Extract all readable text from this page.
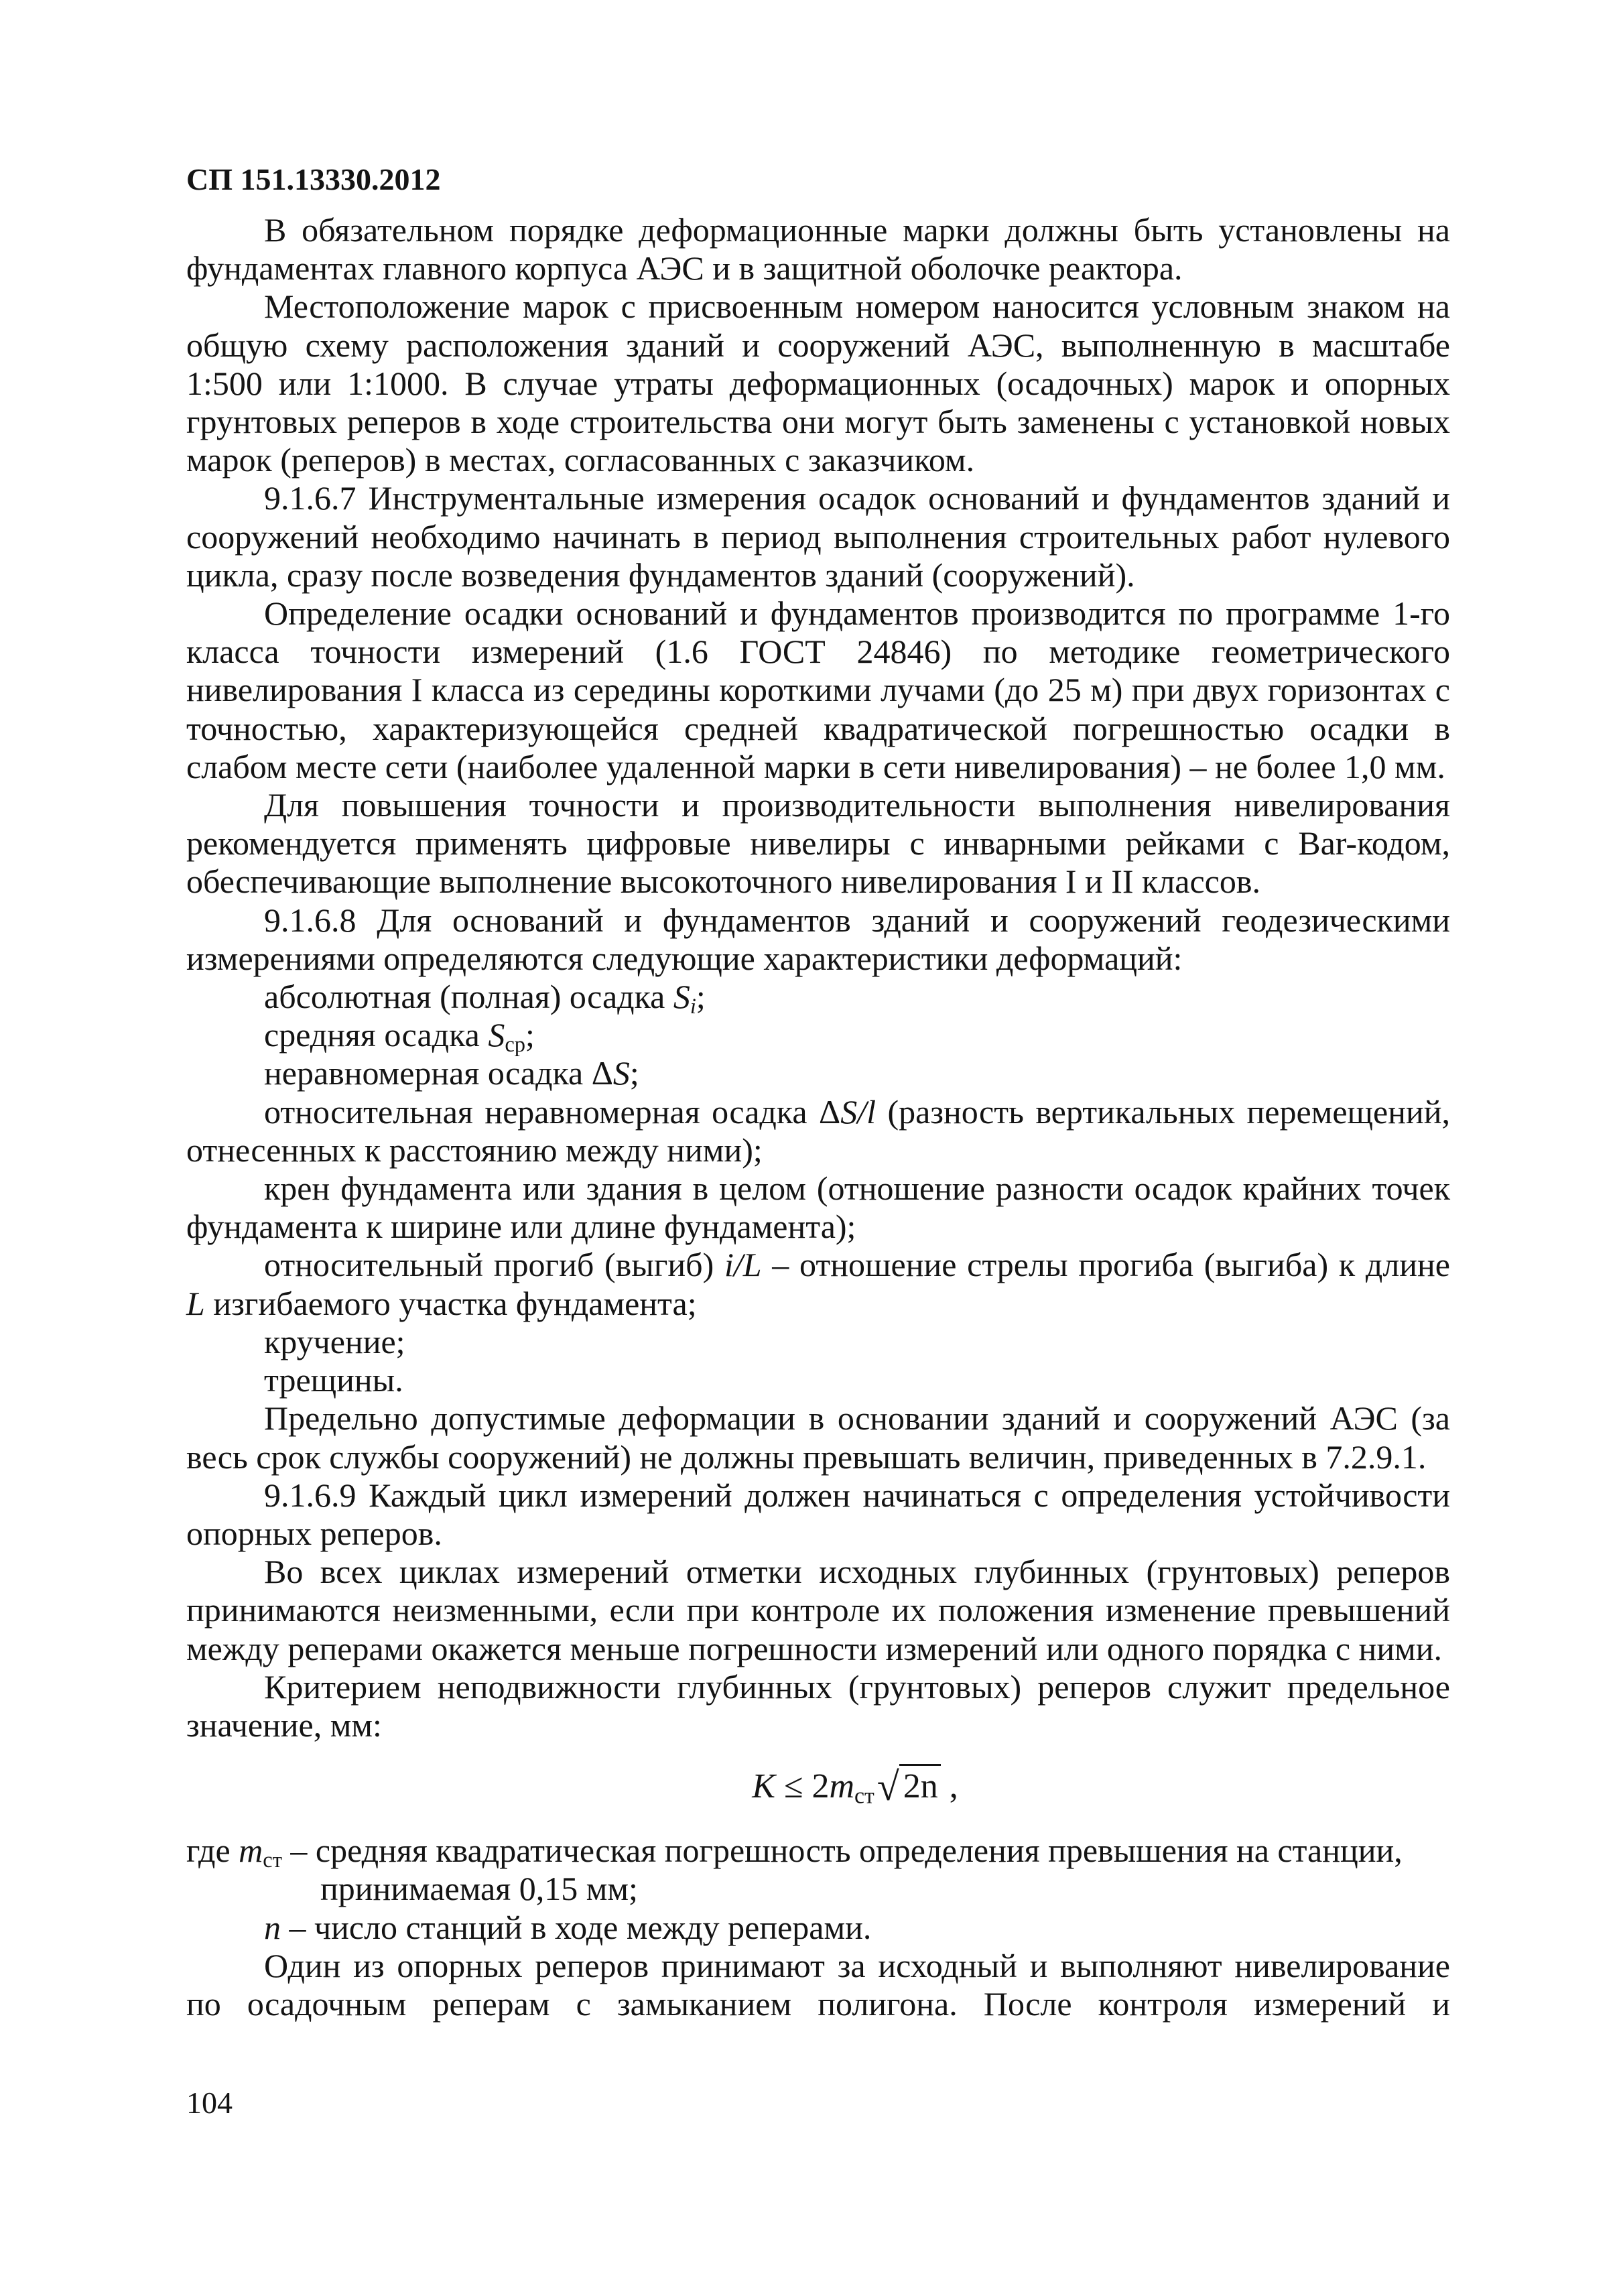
СП 151.13330.2012

В обязательном порядке деформационные марки должны быть установлены на фундаментах главного корпуса АЭС и в защитной оболочке реактора.

Местоположение марок с присвоенным номером наносится условным знаком на общую схему расположения зданий и сооружений АЭС, выполненную в масштабе 1:500 или 1:1000. В случае утраты деформационных (осадочных) марок и опорных грунтовых реперов в ходе строительства они могут быть заменены с установкой новых марок (реперов) в местах, согласованных с заказчиком.

9.1.6.7 Инструментальные измерения осадок оснований и фундаментов зданий и сооружений необходимо начинать в период выполнения строительных работ нулевого цикла, сразу после возведения фундаментов зданий (сооружений).

Определение осадки оснований и фундаментов производится по программе 1-го класса точности измерений (1.6 ГОСТ 24846) по методике геометрического нивелирования I класса из середины короткими лучами (до 25 м) при двух горизонтах с точностью, характеризующейся средней квадратической погрешностью осадки в слабом месте сети (наиболее удаленной марки в сети нивелирования) – не более 1,0 мм.

Для повышения точности и производительности выполнения нивелирования рекомендуется применять цифровые нивелиры с инварными рейками с Bar-кодом, обеспечивающие выполнение высокоточного нивелирования I и II классов.

9.1.6.8 Для оснований и фундаментов зданий и сооружений геодезическими измерениями определяются следующие характеристики деформаций:

абсолютная (полная) осадка $S_i$;

средняя осадка $S_{ср}$;

неравномерная осадка ΔS;

относительная неравномерная осадка ΔS/l (разность вертикальных перемещений, отнесенных к расстоянию между ними);

крен фундамента или здания в целом (отношение разности осадок крайних точек фундамента к ширине или длине фундамента);

относительный прогиб (выгиб) i/L – отношение стрелы прогиба (выгиба) к длине L изгибаемого участка фундамента;

кручение;

трещины.

Предельно допустимые деформации в основании зданий и сооружений АЭС (за весь срок службы сооружений) не должны превышать величин, приведенных в 7.2.9.1.

9.1.6.9 Каждый цикл измерений должен начинаться с определения устойчивости опорных реперов.

Во всех циклах измерений отметки исходных глубинных (грунтовых) реперов принимаются неизменными, если при контроле их положения изменение превышений между реперами окажется меньше погрешности измерений или одного порядка с ними.

Критерием неподвижности глубинных (грунтовых) реперов служит предельное значение, мм:

$K \le 2m_{ст}√$ 2n ,

где $m_{ст}$ – средняя квадратическая погрешность определения превышения на станции,

принимаемая 0,15 мм;

n – число станций в ходе между реперами.

Один из опорных реперов принимают за исходный и выполняют нивелирование по осадочным реперам с замыканием полигона. После контроля измерений и

104
